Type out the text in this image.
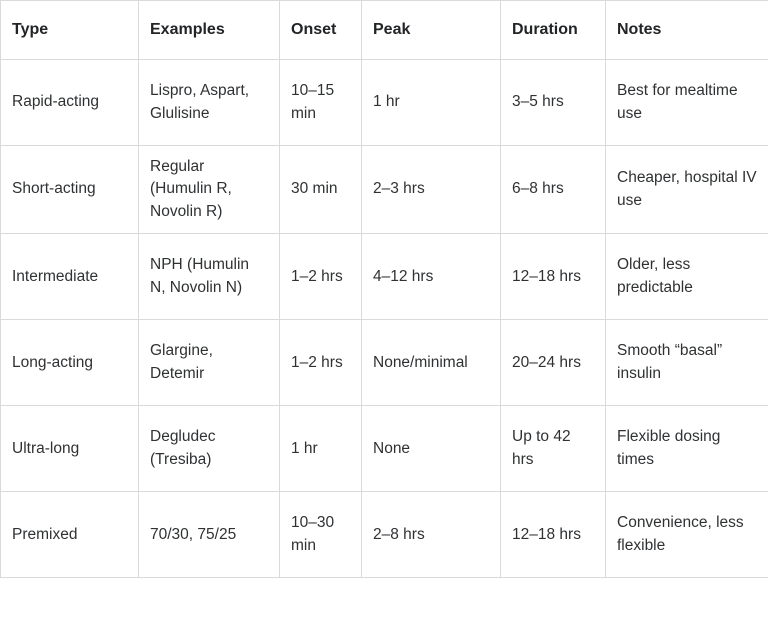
Type	Examples	Onset	Peak	Duration	Notes
Rapid-acting	Lispro, Aspart, Glulisine	10–15 min	1 hr	3–5 hrs	Best for mealtime use
Short-acting	Regular (Humulin R, Novolin R)	30 min	2–3 hrs	6–8 hrs	Cheaper, hospital IV use
Intermediate	NPH (Humulin N, Novolin N)	1–2 hrs	4–12 hrs	12–18 hrs	Older, less predictable
Long-acting	Glargine, Detemir	1–2 hrs	None/minimal	20–24 hrs	Smooth “basal” insulin
Ultra-long	Degludec (Tresiba)	1 hr	None	Up to 42 hrs	Flexible dosing times
Premixed	70/30, 75/25	10–30 min	2–8 hrs	12–18 hrs	Convenience, less flexible
